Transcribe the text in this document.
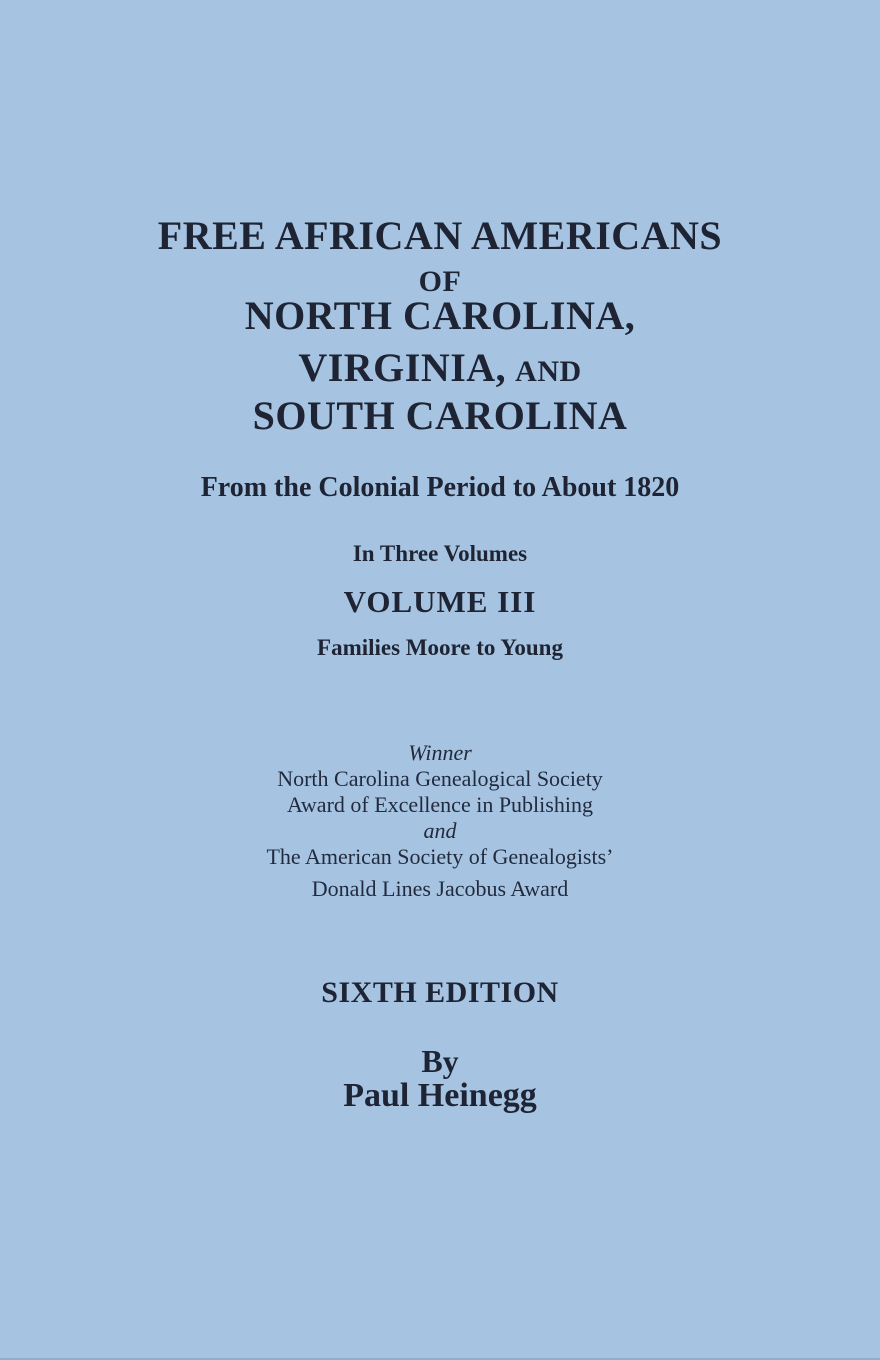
FREE AFRICAN AMERICANS
OF
NORTH CAROLINA,
VIRGINIA, AND
SOUTH CAROLINA
From the Colonial Period to About 1820
In Three Volumes
VOLUME III
Families Moore to Young
Winner
North Carolina Genealogical Society
Award of Excellence in Publishing
and
The American Society of Genealogists’
Donald Lines Jacobus Award
SIXTH EDITION
By
Paul Heinegg
